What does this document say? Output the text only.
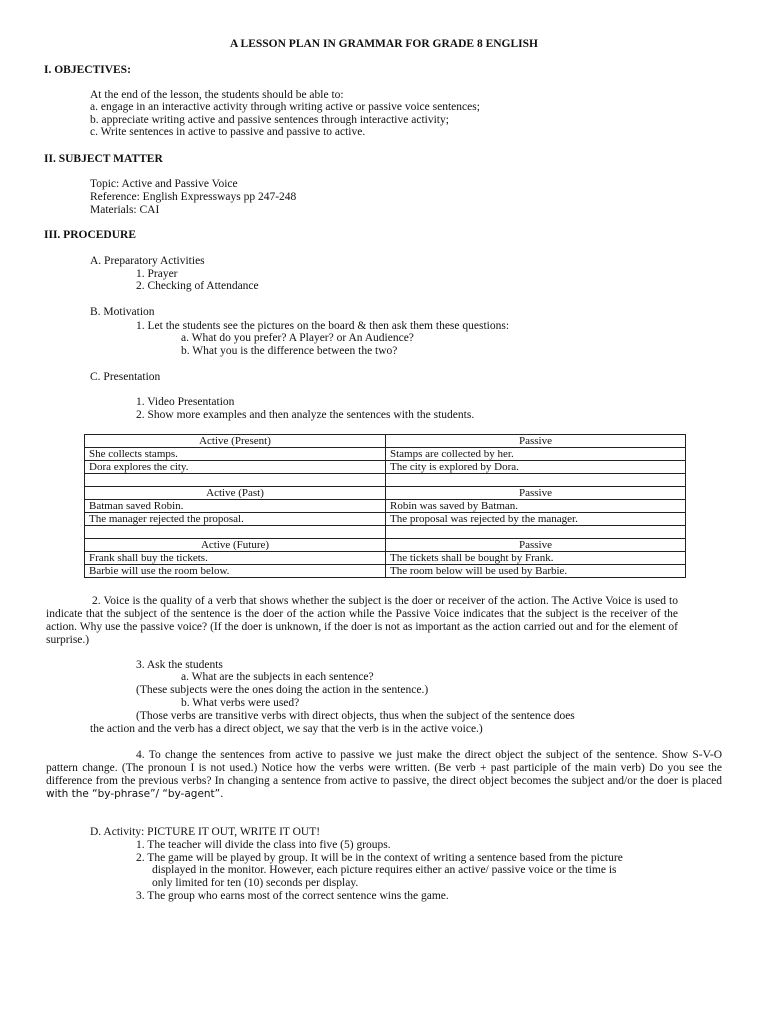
A LESSON PLAN IN GRAMMAR FOR GRADE 8 ENGLISH
I. OBJECTIVES:
At the end of the lesson, the students should be able to:
a. engage in an interactive activity through writing active or passive voice sentences;
b. appreciate writing active and passive sentences through interactive activity;
c. Write sentences in active to passive and passive to active.
II. SUBJECT MATTER
Topic: Active and Passive Voice
Reference: English Expressways pp 247-248
Materials: CAI
III. PROCEDURE
A. Preparatory Activities
1. Prayer
2. Checking of Attendance
B. Motivation
1. Let the students see the pictures on the board & then ask them these questions:
a. What do you prefer? A Player? or An Audience?
b. What you is the difference between the two?
C. Presentation
1. Video Presentation
2. Show more examples and then analyze the sentences with the students.
Active (Present)	Passive
She collects stamps.	Stamps are collected by her.
Dora explores the city.	The city is explored by Dora.

Active (Past)	Passive
Batman saved Robin.	Robin was saved by Batman.
The manager rejected the proposal.	The proposal was rejected by the manager.

Active (Future)	Passive
Frank shall buy the tickets.	The tickets shall be bought by Frank.
Barbie will use the room below.	The room below will be used by Barbie.
2. Voice is the quality of a verb that shows whether the subject is the doer or receiver of the action. The Active Voice is used to indicate that the subject of the sentence is the doer of the action while the Passive Voice indicates that the subject is the receiver of the action. Why use the passive voice? (If the doer is unknown, if the doer is not as important as the action carried out and for the element of surprise.)
3. Ask the students
a. What are the subjects in each sentence?
(These subjects were the ones doing the action in the sentence.)
b. What verbs were used?
(Those verbs are transitive verbs with direct objects, thus when the subject of the sentence does
the action and the verb has a direct object, we say that the verb is in the active voice.)
4. To change the sentences from active to passive we just make the direct object the subject of the sentence. Show S-V-O pattern change. (The pronoun I is not used.) Notice how the verbs were written. (Be verb + past participle of the main verb) Do you see the difference from the previous verbs? In changing a sentence from active to passive, the direct object becomes the subject and/or the doer is placed with the “by-phrase”/ “by-agent”.
D. Activity: PICTURE IT OUT, WRITE IT OUT!
1. The teacher will divide the class into five (5) groups.
2. The game will be played by group. It will be in the context of writing a sentence based from the picture
displayed in the monitor. However, each picture requires either an active/ passive voice or the time is
only limited for ten (10) seconds per display.
3. The group who earns most of the correct sentence wins the game.
